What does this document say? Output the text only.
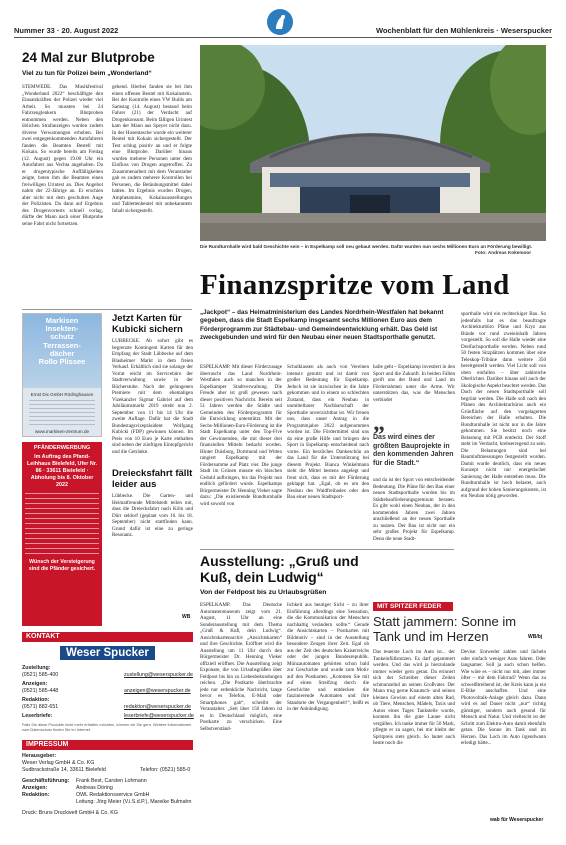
Nummer 33 · 20. August 2022	Wochenblatt für den Mühlenkreis · Weserspucker
24 Mal zur Blutprobe
Viel zu tun für Polizei beim „Wonderland“
STEMWEDE. Das Musikfestival „Wonderland 2022“ beschäftigte den Einsatzkräften der Polizei wieder viel Arbeit. So mussten bei 24 Fahrzeuglenkern Blutproben entnommen werden. Neben den üblichen Strafanzeigen wurden zudem diverse Verwarnungen erhoben. Bei zwei entgegenkommenden Autofahrern fanden die Beamten Bestell mit Kokain. So wurde bereits am Freitag (12. August) gegen 19.00 Uhr ein Autofahrer aus Vechta angehalten. Da er drogentypische Auffälligkeiten zeigte, boten ihm die Beamten einen freiwilligen Urintest an. Dies Angebot nahm der 22-Jährige an. Er erschien aber nicht mit dem geschulten Auge der Polizisten. Da dann auf Ergebnis des Drogenvortests schnell vorlag, dürfte der Mann nach einer Blutprobe seine Fahrt nicht fortsetzen.
gehend. Hierbei fanden sie bei ihm einen offenen Beutel mit Kokainstein. Bei der Kontrolle eines VW Bullis am Samstag (14. August) bestand beim Fahrer (21) der Verdacht auf Drogenkonsum. Beim fälligen Urintest kam der Mann aus Speyer nicht dazu. In der Hosentasche wurde ein weiterer Beutel mit Kokain sichergestellt. Der Test schlug positiv an und er folgte eine Blutprobe. Darüber hinaus wurden mehrere Personen unter dem Einfluss von Drogen angetroffen. Zu Zusammenarbeit mit dem Veranstalter gab es zudem mehrere Kontrollen bei Personen, die Betäubungsmittel dabei hatten. Im Ergebnis wurden Drogen, Amphetamine, Kokainausstellungen und Tablettenbeutel mit unbekanntem Inhalt sichergestellt.
Markisen
Insekten-
schutz
Terrassen-
dächer
Rollo Plissee
Ernst Dix GmbH Rödinghausen
www.markisen-zentrum.de
PFÄNDERWERBUNG
Im Auftrag des Pfand-Leihhaus Bielefeld, Ufer Nr. 86 · 33611 Bielefeld · Abholung bis 8. Oktober 2022
Wünsch der Versteigerung sind die Pfänder gesichert.
Jetzt Karten für Kubicki sichern
LÜBBECKE. Ab sofort gibt es begrenzte Kontingent Karten für den Empfang der Stadt Lübbecke auf dem Blasheimer Markt in dem freien Verkauf. Erhältlich sind sie solange der Vorrat reicht im Servicebüro der Stadtverwaltung sowie in der Bücherstube. Nach der gelungenen Premiere mit dem ehemaligen Vizekanzler Sigmar Gabriel auf dem Jubiläumsmarkt 2019 strebt nun 2. September von 11 bis 14 Uhr die zweite Auflage. Dafür hat die Stadt Bundestagsvizepräsident Wolfgang Kubicki (FDP) gewinnen können. Im Preis von 10 Euro je Karte enthalten sind neben der zünftigen Eintopfgericht und die Getränke.
Dreiecksfahrt fällt leider aus
Lübbecke. Die Garten- und Heimatfreunde Mittelstedt teilen mit, dass die Dreiecksfahrt nach Köln und Dürr seldorf (geplant vom 16. bis 18. September) nicht stattfinden kann. Grund dafür ist eine zu geringe Resonanz.
WB
KONTAKT
Weser Spucker
Zustellung:
(0521) 585-400	zustellung@weserspucker.de
Anzeigen:
(0521) 585-448	anzeigen@weserspucker.de
Redaktion:
(0571) 882-651	redaktion@weserspucker.de
Leserbriefe:	leserbriefe@weserspucker.de
Falls Sie diese Produkte nicht mehr erhalten möchten, können wir Sie gern. Weitere Informationen zum Datenschutz finden Sie im Internet.
IMPRESSUM
Herausgeber:
Weser Verlag GmbH & Co. KG
Sudbrackstraße 14, 33611 Bielefeld	Telefon: (0521) 585-0
Geschäftsführung: Frank Best, Carsten Lohmann
Anzeigen:	Andreas Döring
Redaktion:	OWL Redaktionsservice GmbH
Leitung: Jörg Meier (V.i.S.d.P.), Mareike Bulmahn
Druck: Bruns Druckwelt GmbH & Co. KG
Die Rundturnhalle wird bald Geschichte sein – in Espelkamp soll neu gebaut werden. Dafür wurden nun sechs Millionen Euro an Förderung bewilligt.
Foto: Andreas Kokemoor
Finanzspritze vom Land
„Jackpot“ – das Heimatministerium des Landes Nordrhein-Westfalen hat bekannt gegeben, dass die Stadt Espelkamp insgesamt sechs Millionen Euro aus dem Förderprogramm zur Städtebau- und Gemeindeentwicklung erhält. Das Geld ist zweckgebunden und wird für den Neubau einer neuen Stadtsporthalle genutzt.
ESPELKAMP. Mit dieser Förderzusage überrascht das Land Nordrhein-Westfalen auch so manchen in der Espelkamper Stadtverwaltung. Die Freude aber ist groß gewesen nach dieser positiven Nachricht. Bereits seit 51 Jahren werden die Städte und Gemeinden des Förderprogramm für die Entwicklung unterstützt. Mit der Sechs-Millionen-Euro-Förderung ist die Stadt Espelkamp unter den Top-Five der Gewinnenden, die mit dieser drei finanziellen Mitteln bedacht worden. Hinter Duisburg, Dortmund und Witten rangiert Espelkamp mit der Fördersumme auf Platz vier. Die junge Stadt im Grünen musste ein bisschen Geduld aufbringen, bis das Projekt nun endlich gefördert wurde. Espelkamps Bürgermeister Dr. Henning Vieker sagte dazu: „Die existierende Rundturnhalle wird sowohl von
Schulklassen als auch von Vereinen intensiv genutzt und ist damit von großer Bedeutung für Espelkamp. Jedoch ist sie inzwischen in die Jahre gekommen und in einem so schlechten Zustand, dass ein Neubau in unmittelbarer Nachbarschaft der Sporthalle unverzichtbar ist. Wir freuen uns, dass unser Antrag in die Programmjahre 2022 aufgenommen worden ist. Die Fördermittel sind uns da eine große Hilfe und bringen den Sport in Espelkamp entscheidend nach vorne. Ein herzliches Dankeschön an das Land für die Unterstützung bei diesem Projekt. Bianca Winkelmann sieht die Mittel bestens angelegt und freut sich, dass es mit der Förderung geklappt hat. „Egal, ob es um den Neubau des Waldfreibades oder den Bau einer neuen Stadtsport-
halle geht – Espelkamp investiert in den Sport und die Zukunft. In beiden Fällen greift uns der Bund und Land im Förderrahmen unter die Arme. Wir unterstützen das, was die Menschen verbindet
„
Das wird eines der größten Bauprojekte in den kommenden Jahren für die Stadt.“
und da ist der Sport von entscheidender Bedeutung. Die Pläne für den Bau einer neuen Stadtsporthalle wurden bis im Städtebauförderungsgremium beraten. Es gibt wohl einen Neubau, der in den kommenden Jahren zwei Jahren anschließend an der neuen Sporthalle zu nutzen. Der Bau ist nicht nur ein sehr großes Projekt für Espelkamp. Denn die neue Stadt-
sporthalle wird ein rechteckiger Bau. So jedenfalls hat es das beauftragte Architekturbüro Pläne und Kryz aus Bünde vor rund zweieinhalb Jahren vorgestellt. So soll die Halle wieder eine Dreifachsporthalle werden. Neben rund 50 festen Sitzplätzen kommen über eine Teleskop-Tribüne dann weitere 350 bereitgestellt werden. Viel Licht soll von oben einfallen – über zahlreiche Oberlichter. Darüber hinaus soll auch der ökologische Aspekt beachtet werden. Das Dach der neuen Stadtsporthalle soll begrünt werden. Die Halle soll nach den Plänen des Architekturbüros auch ein Grünfläche auf den vorgelagerten Bereichen der Halle erhalten. Die Rundturnhalle ist nicht nur in die Jahre gekommen. Sie besitzt noch eine Belastung mit PCB entdeckt. Der Stoff steht im Verdacht, krebserregend zu sein. Die Belastungen sind bei Raumluftmessungen festgestellt worden. Damit wurde deutlich, dass ein neues Konzept nicht nur energetischer Sanierung der Halle entstehen muss. Die Rundturnhalle ist hoch belastet, auch aufgrund der hohen Sanierungskosten, ist ein Neubau nötig geworden.
WB/bj
Ausstellung: „Gruß und Kuß, dein Ludwig“
Von der Feldpost bis zu Urlaubsgrüßen
ESPELKAMP. Das Deutsche Automatenmuseum zeigt vom 21. August, 11 Uhr an eine Sonderausstellung mit dem Thema „Gruß & Kuß, dein Ludwig“. Ansichtskartenarchiv „Ansichtskarten“ und ihre Geschichte. Eröffnet wird die Ausstellung um 11 Uhr durch den Bürgermeister Dr. Henning Vieker offiziell eröffnet. Die Ausstellung zeigt Exponate, die von Urlaubsgrüßen über Feldpost bis hin zu Liebesbekundungen reichen. „Die Postkarte überbrachte jede nur erdenkliche Nachricht, lange bevor es Telefon, E-Mail oder Smartphones gab“, schreibt der Veranstalter. „Seit über 150 Jahren ist es in Deutschland möglich, eine Postkarte zu verschicken. Eine Selbstverständ-
lichkeit aus heutiger Sicht – zu ihrer Einführung allerdings eine Sensation, die die Kommunikation der Menschen nachhaltig verändern sollte.“ Gerade die Ansichtskarten – Postkarten mit Bildmotiv – sind in der Ausstellung besondere Zeugen ihrer Zeit. Egal ob aus der Zeit des deutschen Kaiserreichs oder der jungen Bundesrepublik. Münzautomaten gehörten schon bald zur Geschichte und wurde zum Motiv auf den Postkarten. „Kommen Sie mit auf einen Streifzug durch die Geschichte und entdecken die faszinierende Automaten und ihre Standorte der Vergangenheit!“, heißt es in der Ankündigung.
MIT SPITZER FEDER
Statt jammern: Sonne im Tank und im Herzen
Das teuerste Loch im Auto ist... der Tankeinfüllstutzen. Es darf gejammert werden. Und das wird ja hierzulande immer wieder gern getan. Da erinnert sich der Schreiber dieser Zeilen schmunzelnd an seinen Großvater. Der Mann trug gerne Knautsch- und seinen kleinen Gewinn auf einem alten Rad, ob Tiere, Menschen, Mädels, Taxis und Autos eines Tages Tankstelle wurde, konnten ihn die gute Laune nicht vergällen. Ich tanke immer für 50 Mark, pflegte er zu sagen, bei mir bleibt der Spritpreis stets gleich. So lautet auch heute noch die
Devise: Entweder zahlen und lächeln oder einfach weniger Auto fahren. Oder langsamer. Soll ja auch schon helfen. Wie wäre es – nicht nur mit, aber immer öfter – mit dem Fahrrad? Wenn das zu schweißtreibend ist, der Kreis kann ja ein E-Bike anschaffen. Und eine Photovoltaik-Anlage gleich dazu. Dann wird es auf Dauer nicht „nur“ richtig günstiger, sondern auch gesund für Mensch und Natur. Und vielleicht ist der Schritt zum Elektro-Auto damit ebenfalls getan. Die Sonne im Tank und im Herzen. Das Loch im Auto irgendwann erledigt hätte...
wab für Weserspucker
